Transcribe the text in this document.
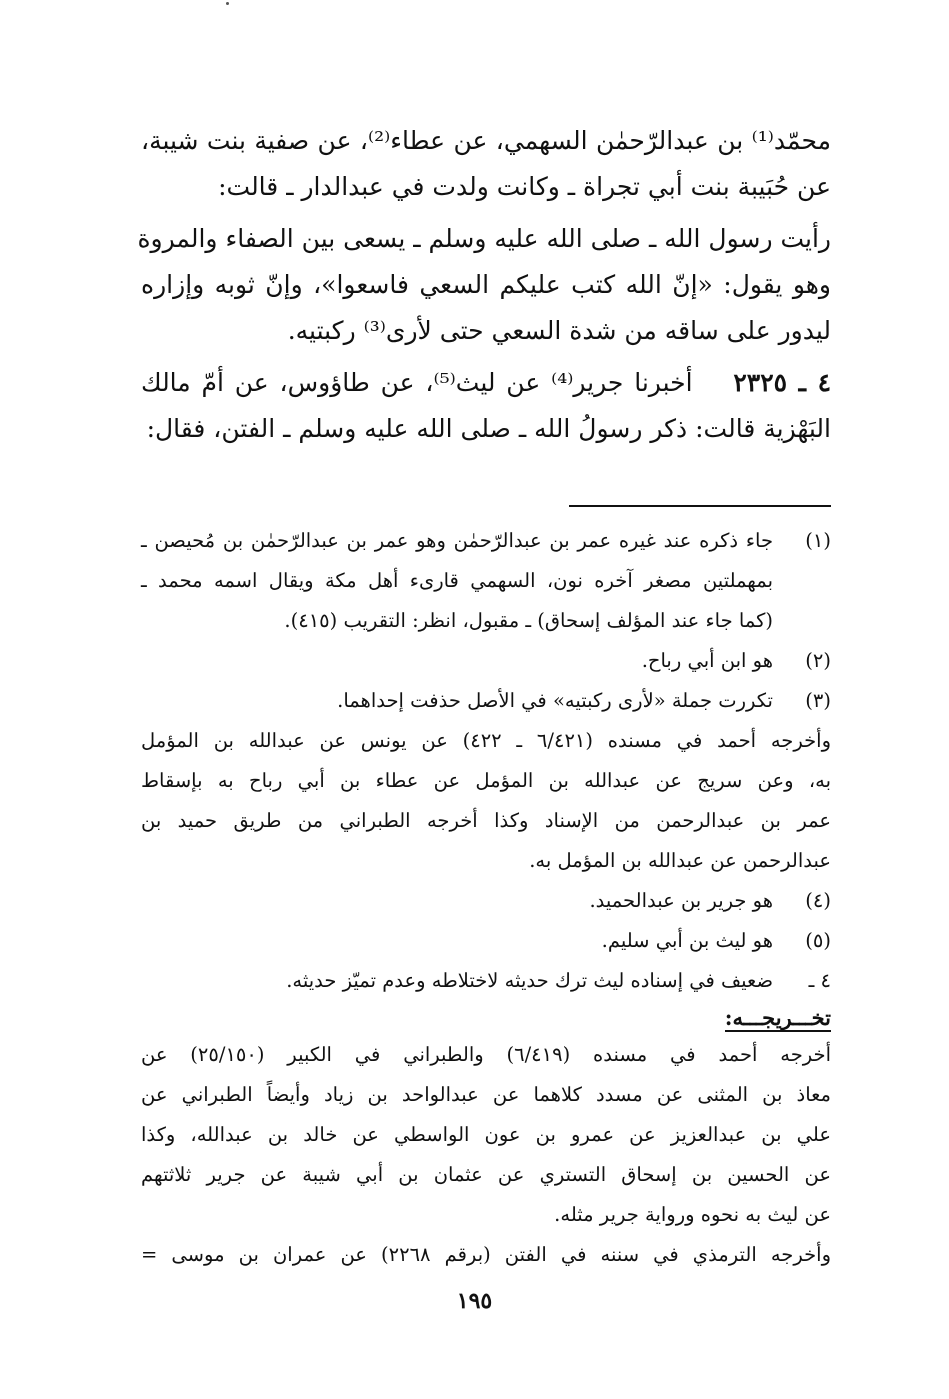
محمّد⁽¹⁾ بن عبدالرّحمٰن السهمي، عن عطاء⁽²⁾، عن صفية بنت شيبة،
عن حُبَيبة بنت أبي تجراة ـ وكانت ولدت في عبدالدار ـ قالت:
رأيت رسول الله ـ صلى الله عليه وسلم ـ يسعى بين الصفاء والمروة
وهو يقول: «إنّ الله كتب عليكم السعي فاسعوا»، وإنّ ثوبه وإزاره
ليدور على ساقه من شدة السعي حتى لأرى⁽³⁾ ركبتيه.
٤ ـ ٢٣٢٥ أخبرنا جرير⁽⁴⁾ عن ليث⁽⁵⁾، عن طاؤوس، عن أمّ مالك
البَهْزية قالت: ذكر رسولُ الله ـ صلى الله عليه وسلم ـ الفتن، فقال:
(١)
جاء ذكره عند غيره عمر بن عبدالرّحمٰن وهو عمر بن عبدالرّحمٰن بن مُحيصن ـ
بمهملتين مصغر آخره نون، السهمي قارىء أهل مكة ويقال اسمه محمد ـ
(كما جاء عند المؤلف إسحاق) ـ مقبول، انظر: التقريب (٤١٥).
(٢)
هو ابن أبي رباح.
(٣)
تكررت جملة «لأرى ركبتيه» في الأصل حذفت إحداهما.
وأخرجه أحمد في مسنده (٦/٤٢١ ـ ٤٢٢) عن يونس عن عبدالله بن المؤمل
به، وعن سريج عن عبدالله بن المؤمل عن عطاء بن أبي رباح به بإسقاط
عمر بن عبدالرحمن من الإسناد وكذا أخرجه الطبراني من طريق حميد بن
عبدالرحمن عن عبدالله بن المؤمل به.
(٤)
هو جرير بن عبدالحميد.
(٥)
هو ليث بن أبي سليم.
٤ ـ
ضعيف في إسناده ليث ترك حديثه لاختلاطه وعدم تميّز حديثه.
تخـــريجـــه:
أخرجه أحمد في مسنده (٦/٤١٩) والطبراني في الكبير (٢٥/١٥٠) عن
معاذ بن المثنى عن مسدد كلاهما عن عبدالواحد بن زياد وأيضاً الطبراني عن
علي بن عبدالعزيز عن عمرو بن عون الواسطي عن خالد بن عبدالله، وكذا
عن الحسين بن إسحاق التستري عن عثمان بن أبي شيبة عن جرير ثلاثتهم
عن ليث به نحوه ورواية جرير مثله.
وأخرجه الترمذي في سننه في الفتن (برقم ٢٢٦٨) عن عمران بن موسى =
١٩٥
